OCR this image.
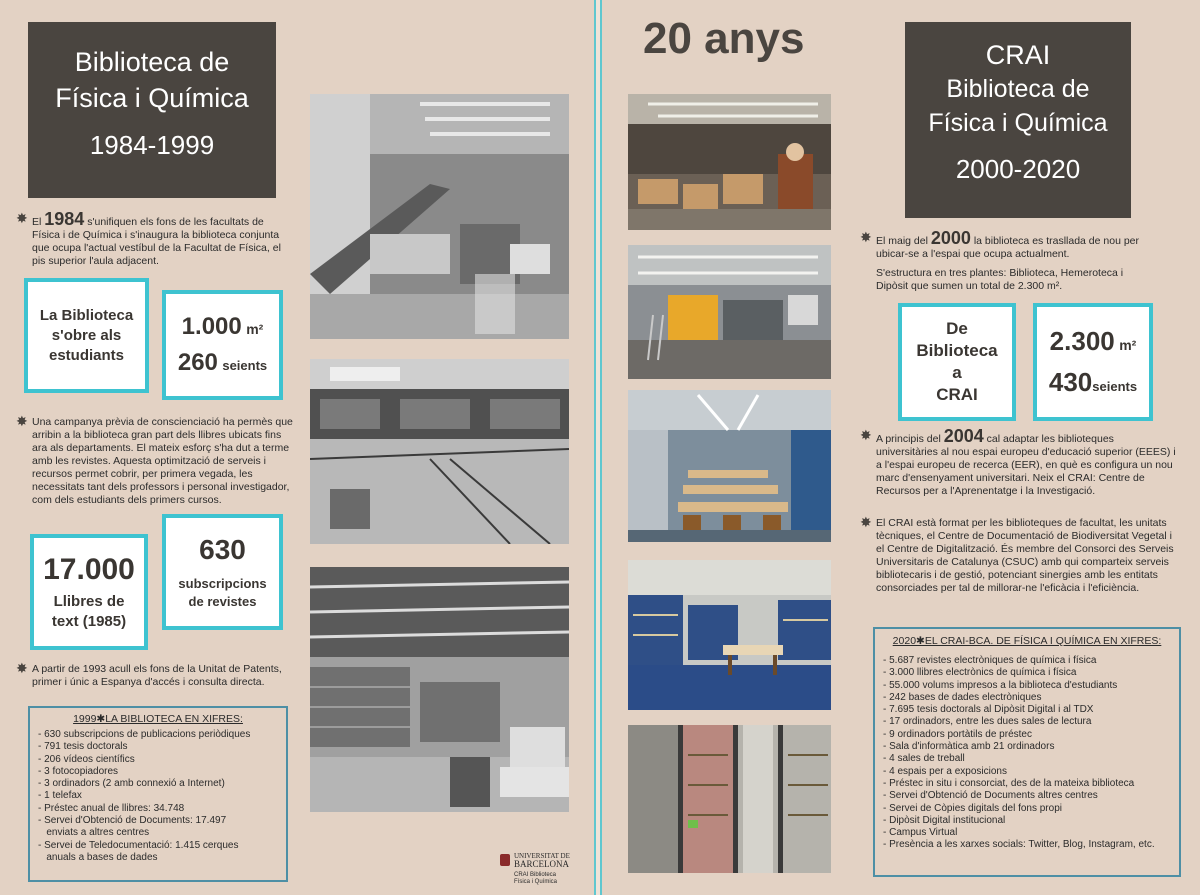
Biblioteca de
Física i Química
1984-1999
✸ El 1984 s'unifiquen els fons de les facultats de Física i de Química i s'inaugura la biblioteca conjunta que ocupa l'actual vestíbul de la Facultat de Física, el pis superior l'aula adjacent.
La Biblioteca
s'obre als
estudiants
1.000 m²
260 seients
✸ Una campanya prèvia de conscienciació ha permès que arribin a la biblioteca gran part dels llibres ubicats fins ara als departaments. El mateix esforç s'ha dut a terme amb les revistes. Aquesta optimització de serveis i recursos permet cobrir, per primera vegada, les necessitats tant dels professors i personal investigador, com dels estudiants dels primers cursos.
17.000
Llibres de
text (1985)
630
subscripcions
de revistes
✸ A partir de 1993 acull els fons de la Unitat de Patents, primer i únic a Espanya d'accés i consulta directa.
1999✱LA BIBLIOTECA EN XIFRES:
- 630 subscripcions de publicacions periòdiques
- 791 tesis doctorals
- 206 vídeos científics
- 3 fotocopiadores
- 3 ordinadors (2 amb connexió a Internet)
- 1 telefax
- Préstec anual de llibres: 34.748
- Servei d'Obtenció de Documents: 17.497
enviats a altres centres
- Servei de Teledocumentació: 1.415 cerques
anuals a bases de dades	UNIVERSITAT DE
BARCELONA
CRAI Biblioteca
Física i Química
20 anys	CRAI
Biblioteca de
Física i Química
2000-2020
✸ El maig del 2000 la biblioteca es trasllada de nou per ubicar-se a l'espai que ocupa actualment.
S'estructura en tres plantes: Biblioteca, Hemeroteca i Dipòsit que sumen un total de 2.300 m².
De
Biblioteca
a
CRAI
2.300 m²
430seients
✸ A principis del 2004 cal adaptar les biblioteques universitàries al nou espai europeu d'educació superior (EEES) i a l'espai europeu de recerca (EER), en què es configura un nou marc d'ensenyament universitari. Neix el CRAI: Centre de Recursos per a l'Aprenentatge i la Investigació.
✸ El CRAI està format per les biblioteques de facultat, les unitats tècniques, el Centre de Documentació de Biodiversitat Vegetal i el Centre de Digitalització. És membre del Consorci des Serveis Universitaris de Catalunya (CSUC) amb qui comparteix serveis bibliotecaris i de gestió, potenciant sinergies amb les entitats consorciades per tal de millorar-ne l'eficàcia i l'eficiència.
2020✱EL CRAI-BCA. DE FÍSICA I QUÍMICA EN XIFRES:
- 5.687 revistes electròniques de química i física
- 3.000 llibres electrònics de química i física
- 55.000 volums impresos a la biblioteca d'estudiants
- 242 bases de dades electròniques
- 7.695 tesis doctorals al Dipòsit Digital i al TDX
- 17 ordinadors, entre les dues sales de lectura
- 9 ordinadors portàtils de préstec
- Sala d'informàtica amb 21 ordinadors
- 4 sales de treball
- 4 espais per a exposicions
- Préstec in situ i consorciat, des de la mateixa biblioteca
- Servei d'Obtenció de Documents altres centres
- Servei de Còpies digitals del fons propi
- Dipòsit Digital institucional
- Campus Virtual
- Presència a les xarxes socials: Twitter, Blog, Instagram, etc.
